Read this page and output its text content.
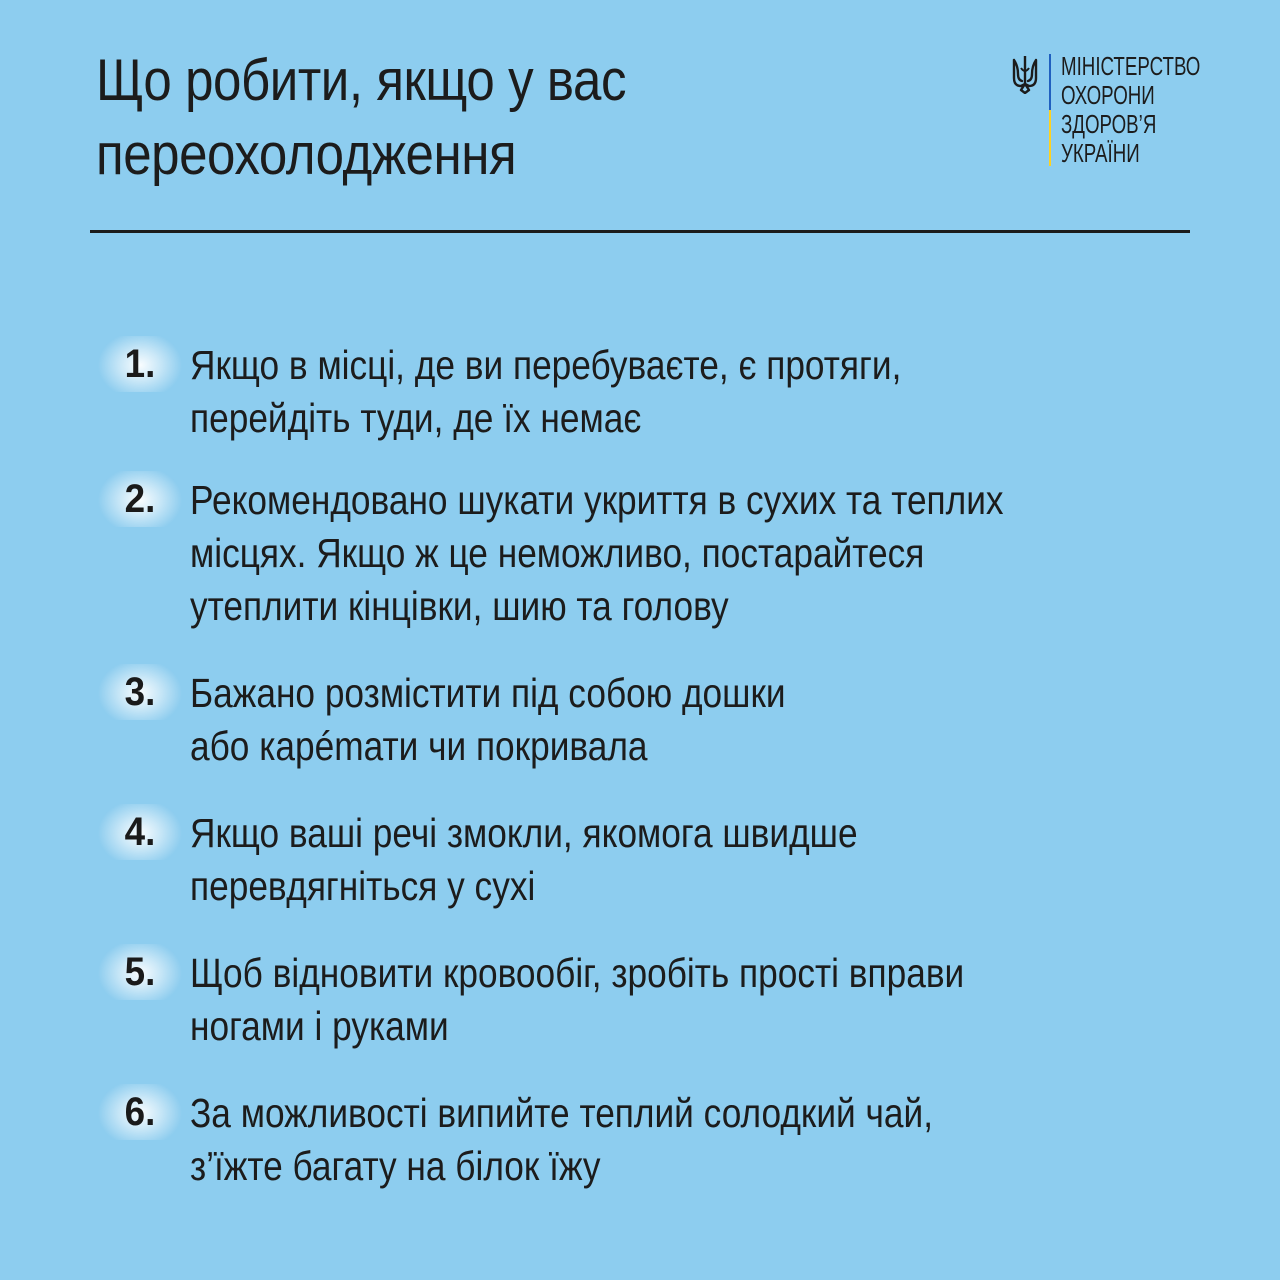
Що робити, якщо у вас
переохолодження
МІНІСТЕРСТВО
ОХОРОНИ
ЗДОРОВ’Я
УКРАЇНИ
1. Якщо в місці, де ви перебуваєте, є протяги,
перейдіть туди, де їх немає
2. Рекомендовано шукати укриття в сухих та теплих
місцях. Якщо ж це неможливо, постарайтеся
утеплити кінцівки, шию та голову
3. Бажано розмістити під собою дошки
або карémати чи покривала
4. Якщо ваші речі змокли, якомога швидше
перевдягніться у сухі
5. Щоб відновити кровообіг, зробіть прості вправи
ногами і руками
6. За можливості випийте теплий солодкий чай,
з’їжте багату на білок їжу
